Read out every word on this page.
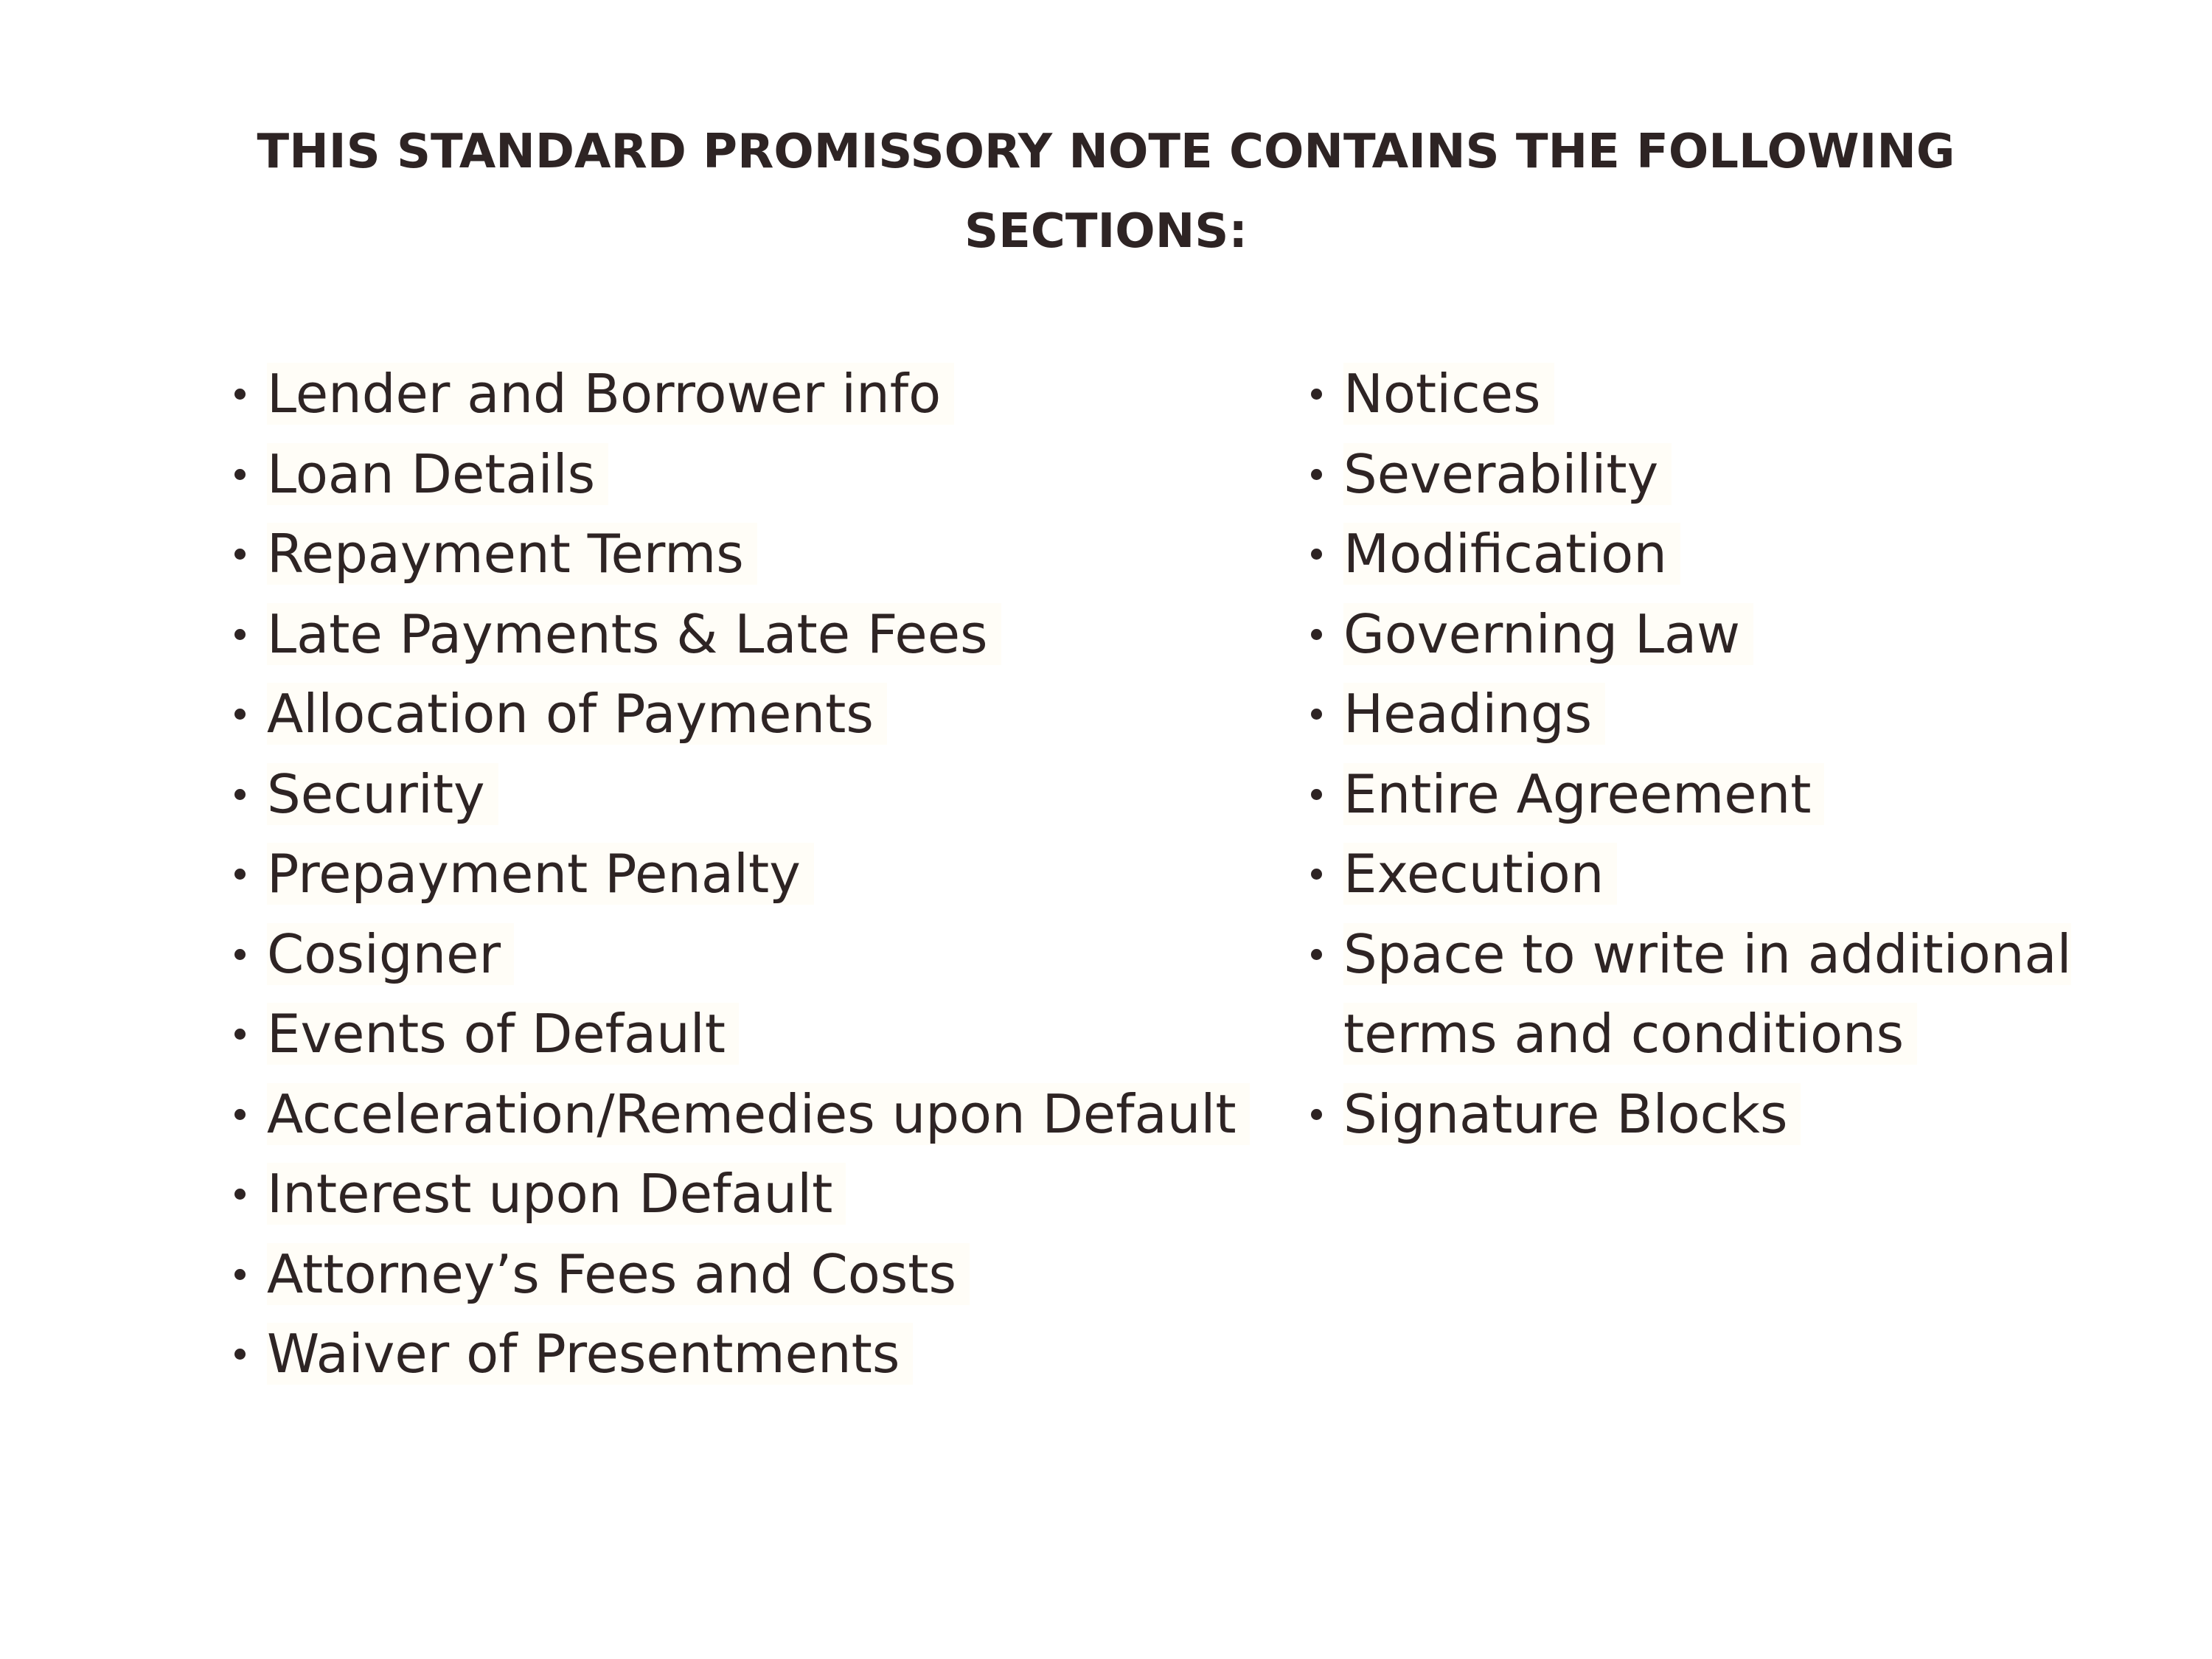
THIS STANDARD PROMISSORY NOTE CONTAINS THE FOLLOWING
SECTIONS:
Lender and Borrower info
Loan Details
Repayment Terms
Late Payments & Late Fees
Allocation of Payments
Security
Prepayment Penalty
Cosigner
Events of Default
Acceleration/Remedies upon Default
Interest upon Default
Attorney’s Fees and Costs
Waiver of Presentments
Notices
Severability
Modification
Governing Law
Headings
Entire Agreement
Execution
Space to write in additional terms and conditions
Signature Blocks
